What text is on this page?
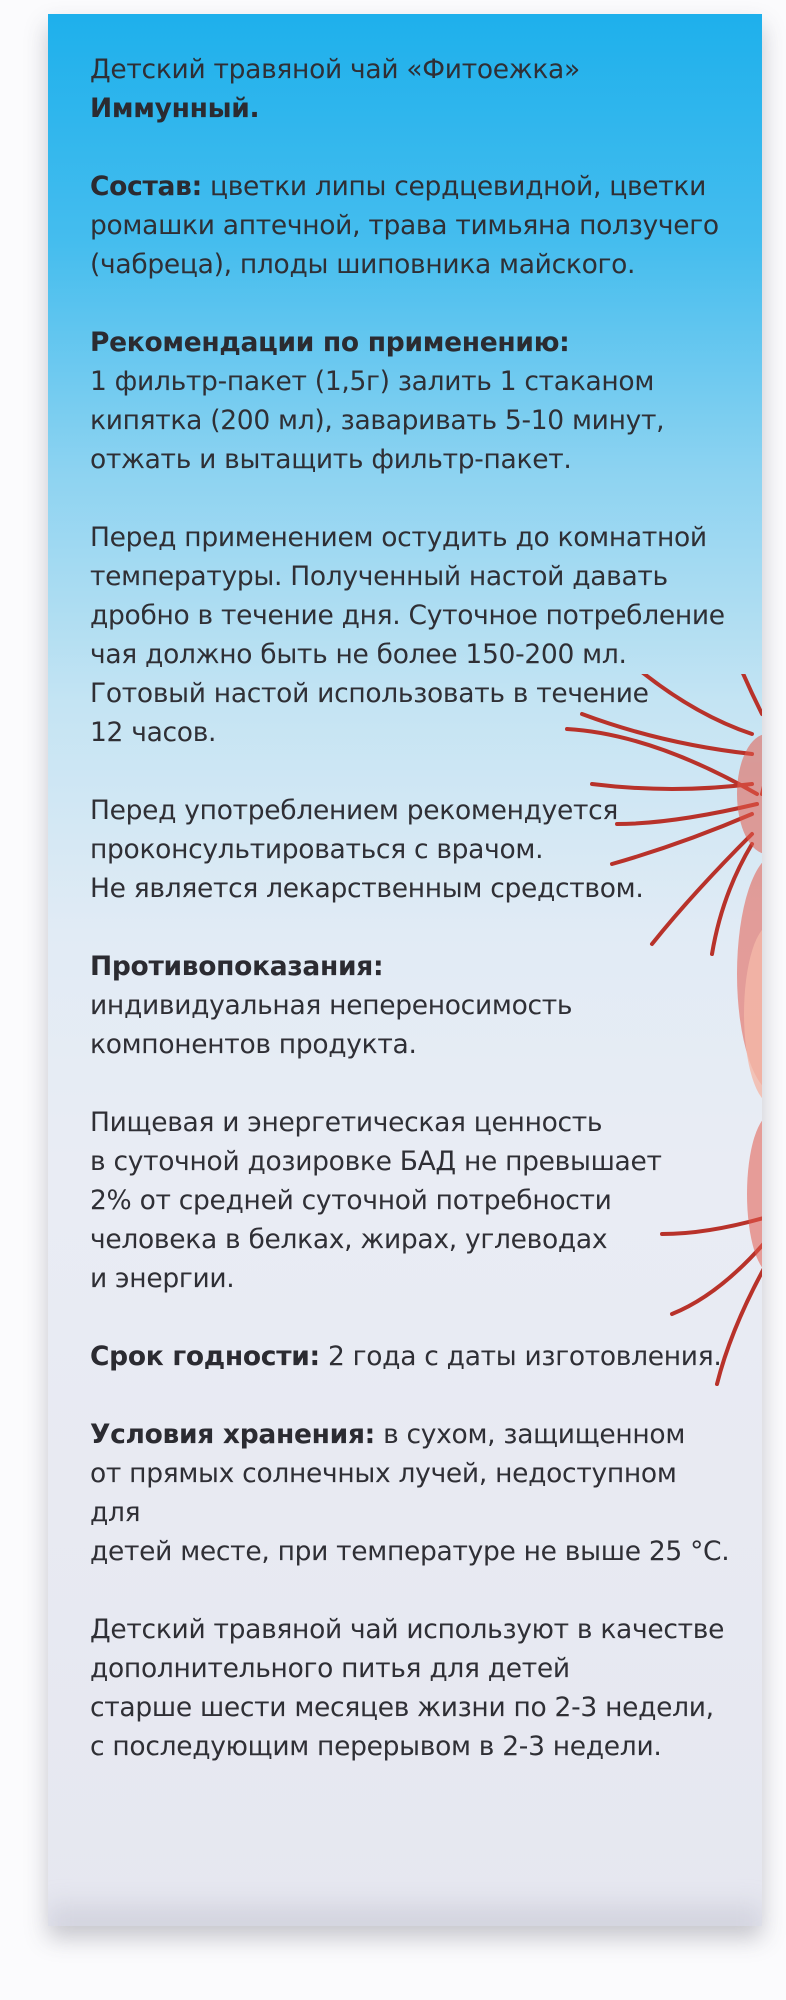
Детский травяной чай «Фитоежка»
Иммунный.

Состав: цветки липы сердцевидной, цветки
ромашки аптечной, трава тимьяна ползучего
(чабреца), плоды шиповника майского.

Рекомендации по применению:
1 фильтр-пакет (1,5г) залить 1 стаканом
кипятка (200 мл), заваривать 5-10 минут,
отжать и вытащить фильтр-пакет.

Перед применением остудить до комнатной
температуры. Полученный настой давать
дробно в течение дня. Суточное потребление
чая должно быть не более 150-200 мл.
Готовый настой использовать в течение
12 часов.

Перед употреблением рекомендуется
проконсультироваться с врачом.
Не является лекарственным средством.

Противопоказания:
индивидуальная непереносимость
компонентов продукта.

Пищевая и энергетическая ценность
в суточной дозировке БАД не превышает
2% от средней суточной потребности
человека в белках, жирах, углеводах
и энергии.

Срок годности: 2 года с даты изготовления.

Условия хранения: в сухом, защищенном
от прямых солнечных лучей, недоступном для
детей месте, при температуре не выше 25 °С.

Детский травяной чай используют в качестве
дополнительного питья для детей
старше шести месяцев жизни по 2-3 недели,
с последующим перерывом в 2-3 недели.
